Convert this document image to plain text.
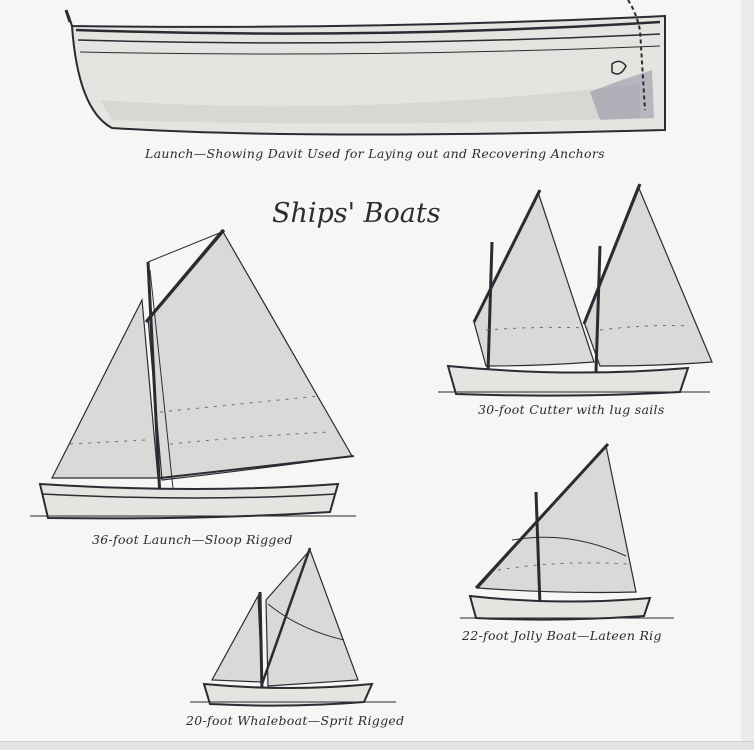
Launch—Showing Davit Used for Laying out and Recovering Anchors
Ships' Boats
30-foot Cutter with lug sails
36-foot Launch—Sloop Rigged
22-foot Jolly Boat—Lateen Rig
20-foot Whaleboat—Sprit Rigged
